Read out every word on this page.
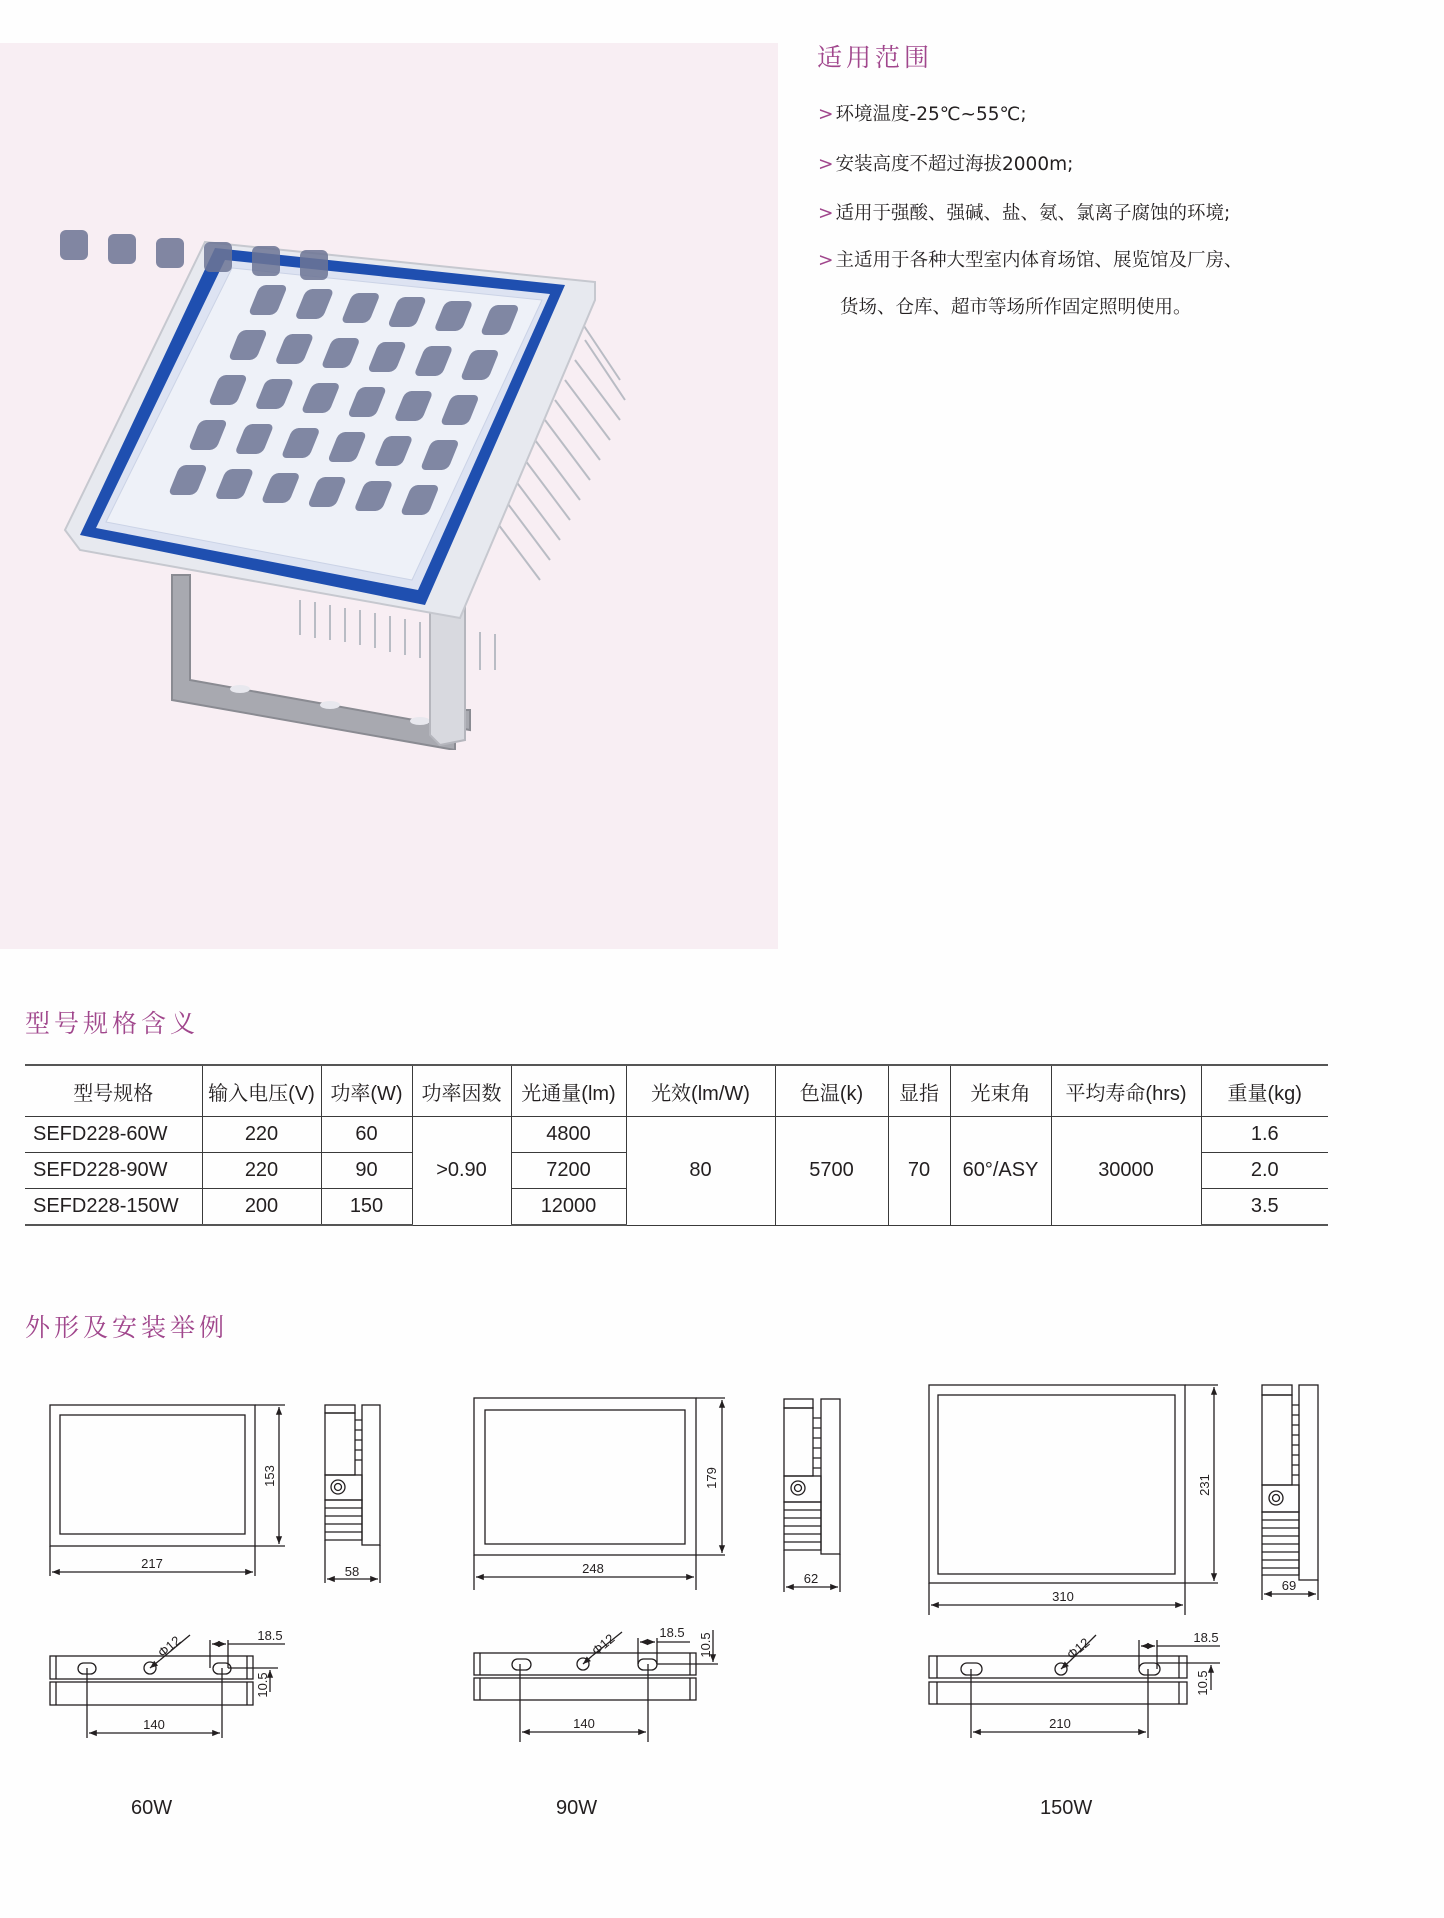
适用范围
> 环境温度-25℃~55℃;
> 安装高度不超过海拔2000m;
> 适用于强酸、强碱、盐、氨、氯离子腐蚀的环境;
> 主适用于各种大型室内体育场馆、展览馆及厂房、
货场、仓库、超市等场所作固定照明使用。
型号规格含义
型号规格	输入电压(V)	功率(W)	功率因数	光通量(lm)	光效(lm/W)	色温(k)	显指	光束角	平均寿命(hrs)	重量(kg)
SEFD228-60W	220	60	>0.90	4800	80	5700	70	60°/ASY	30000	1.6
SEFD228-90W	220	90		7200						2.0
SEFD228-150W	200	150		12000						3.5
外形及安装举例
217
153
58
Φ12	18.5
10.5
140
248
179
62
Φ12	18.5 10.5
140
310
231
69
Φ12	18.5
10.5
210
60W	90W	150W
